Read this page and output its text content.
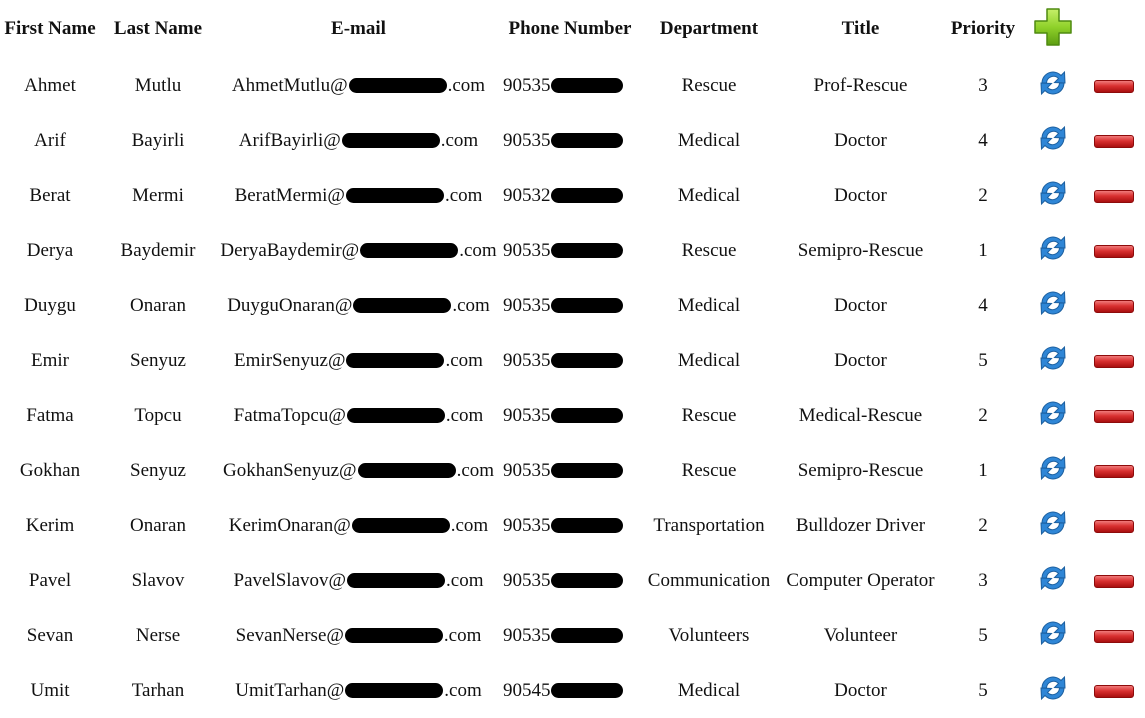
First Name	Last Name	E-mail	Phone Number	Department	Title	Priority		
Ahmet	Mutlu	AhmetMutlu@ .com	90535	Rescue	Prof-Rescue	3		
Arif	Bayirli	ArifBayirli@ .com	90535	Medical	Doctor	4		
Berat	Mermi	BeratMermi@ .com	90532	Medical	Doctor	2		
Derya	Baydemir	DeryaBaydemir@ .com	90535	Rescue	Semipro-Rescue	1		
Duygu	Onaran	DuyguOnaran@ .com	90535	Medical	Doctor	4		
Emir	Senyuz	EmirSenyuz@ .com	90535	Medical	Doctor	5		
Fatma	Topcu	FatmaTopcu@ .com	90535	Rescue	Medical-Rescue	2		
Gokhan	Senyuz	GokhanSenyuz@ .com	90535	Rescue	Semipro-Rescue	1		
Kerim	Onaran	KerimOnaran@ .com	90535	Transportation	Bulldozer Driver	2		
Pavel	Slavov	PavelSlavov@ .com	90535	Communication	Computer Operator	3		
Sevan	Nerse	SevanNerse@ .com	90535	Volunteers	Volunteer	5		
Umit	Tarhan	UmitTarhan@ .com	90545	Medical	Doctor	5		
